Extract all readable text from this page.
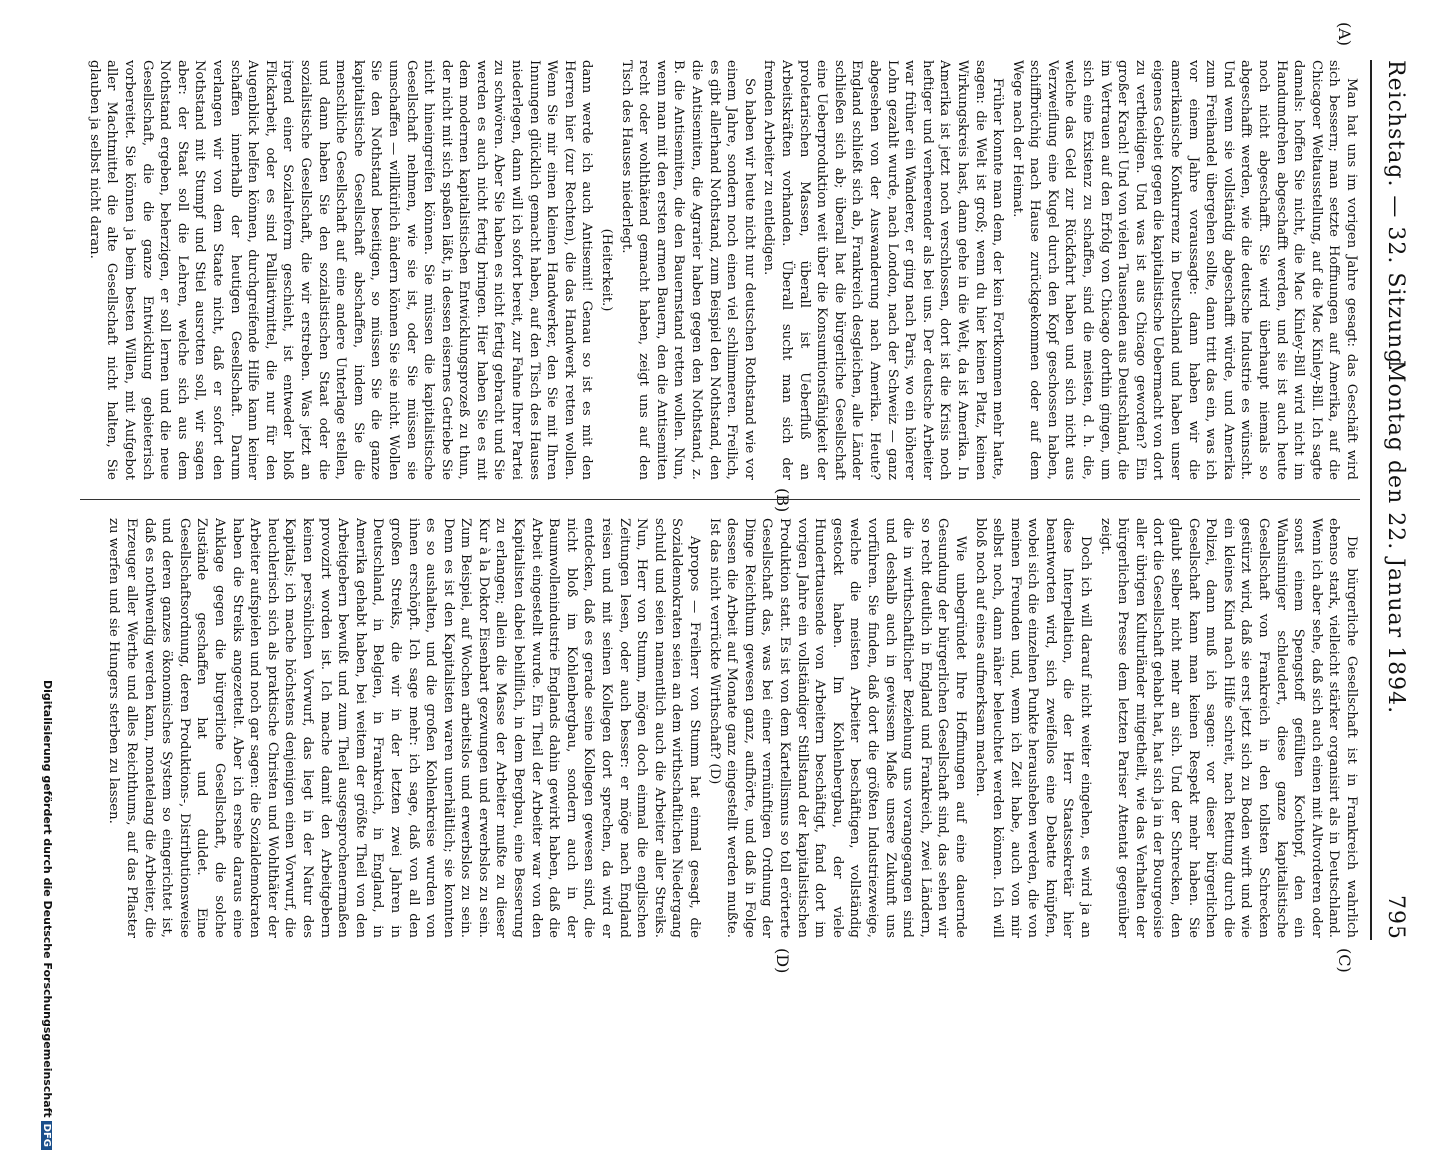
Reichstag. — 32. Sitzung.
Montag den 22. Januar 1894.
795
(A)
(B)
(C)
(D)

Man hat uns im vorigen Jahre gesagt: das Geschäft wird sich bessern; man setzte Hoffnungen auf Amerika, auf die Chicagoer Weltausstellung, auf die Mac Kinley-Bill. Ich sagte damals: hoffen Sie nicht, die Mac Kinley-Bill wird nicht im Handumdrehen abgeschafft werden, und sie ist auch heute noch nicht abgeschafft. Sie wird überhaupt niemals so abgeschafft werden, wie die deutsche Industrie es wünscht. Und wenn sie vollständig abgeschafft würde, und Amerika zum Freihandel übergehen sollte, dann tritt das ein, was ich vor einem Jahre voraussagte: dann haben wir die amerikanische Konkurrenz in Deutschland und haben unser eigenes Gebiet gegen die kapitalistische Uebermacht von dort zu vertheidigen. Und was ist aus Chicago geworden? Ein großer Krach! Und von vielen Tausenden aus Deutschland, die im Vertrauen auf den Erfolg von Chicago dorthin gingen, um sich eine Existenz zu schaffen, sind die meisten, d. h. die, welche das Geld zur Rückfahrt haben und sich nicht aus Verzweiflung eine Kugel durch den Kopf geschossen haben, schiffbrüchig nach Hause zurückgekommen oder auf dem Wege nach der Heimat.

Früher konnte man dem, der kein Fortkommen mehr hatte, sagen: die Welt ist groß; wenn du hier keinen Platz, keinen Wirkungskreis hast, dann gehe in die Welt, da ist Amerika. In Amerika ist jetzt noch verschlossen, dort ist die Krisis noch heftiger und verheerender als bei uns. Der deutsche Arbeiter war früher ein Wanderer, er ging nach Paris, wo ein höherer Lohn gezahlt wurde, nach London, nach der Schweiz — ganz abgesehen von der Auswanderung nach Amerika. Heute? England schließt sich ab, Frankreich desgleichen, alle Länder schließen sich ab; überall hat die bürgerliche Gesellschaft eine Ueberproduktion weit über die Konsumtionsfähigkeit der proletarischen Massen, überall ist Ueberfluß an Arbeitskräften vorhanden. Überall sucht man sich der fremden Arbeiter zu entledigen.

So haben wir heute nicht nur deutschen Rothstand wie vor einem Jahre, sondern noch einen viel schlimmeren. Freilich, es gibt allerhand Nothstand, zum Beispiel den Nothstand, den die Antisemiten, die Agrarier haben gegen den Nothstand, z. B. die Antisemiten, die den Bauernstand retten wollen. Nun, wenn man mit den ersten armen Bauern, den die Antisemiten recht oder wohlthätend gemacht haben, zeigt uns auf den Tisch des Hauses niederlegt.

(Heiterkeit.)

dann werde ich auch Antisemit! Genau so ist es mit den Herren hier (zur Rechten), die das Handwerk retten wollen. Wenn Sie mir einen kleinen Handwerker, den Sie mit Ihren Innungen glücklich gemacht haben, auf den Tisch des Hauses niederlegen, dann will ich sofort bereit, zur Fahne Ihrer Partei zu schwören. Aber Sie haben es nicht fertig gebracht und Sie werden es auch nicht fertig bringen. Hier haben Sie es mit dem modernen kapitalistischen Entwicklungsprozeß zu thun, der nicht mit sich spaßen läßt, in dessen eisernes Getriebe Sie nicht hineingreifen können. Sie müssen die kapitalistische Gesellschaft nehmen, wie sie ist, oder Sie müssen sie umschaffen — willkürlich ändern können Sie sie nicht. Wollen Sie den Nothstand beseitigen, so müssen Sie die ganze kapitalistische Gesellschaft abschaffen, indem Sie die menschliche Gesellschaft auf eine andere Unterlage stellen, und dann haben Sie den sozialistischen Staat oder die sozialistische Gesellschaft, die wir erstreben. Was jetzt an irgend einer Sozialreform geschieht, ist entweder bloß Flickarbeit, oder es sind Palliativmittel, die nur für den Augenblick helfen können, durchgreifende Hilfe kann keiner schaffen innerhalb der heutigen Gesellschaft. Darum verlangen wir von dem Staate nicht, daß er sofort den Nothstand mit Stumpf und Stiel ausrotten soll, wir sagen aber: der Staat soll die Lehren, welche sich aus dem Nothstand ergeben, beherzigen, er soll lernen und die neue Gesellschaft, die die ganze Entwicklung gebieterisch vorbereitet. Sie können ja beim besten Willen, mit Aufgebot aller Machtmittel die alte Gesellschaft nicht halten, Sie glauben ja selbst nicht daran.

Die bürgerliche Gesellschaft ist in Frankreich wahrlich ebenso stark, vielleicht stärker organisirt als in Deutschland. Wenn ich aber sehe, daß sich auch einen mit Altvorderen oder sonst einem Spengstoff gefüllten Kochtopf, den ein Wahnsinniger schleudert, diese ganze kapitalistische Gesellschaft von Frankreich in den tollsten Schrecken gestürzt wird, daß sie erst jetzt sich zu Boden wirft und wie ein kleines Kind nach Hilfe schreit, nach Rettung durch die Polizei, dann muß ich sagen: vor dieser bürgerlichen Gesellschaft kann man keinen Respekt mehr haben. Sie glaubt selber nicht mehr an sich. Und der Schrecken, den dort die Gesellschaft gehabt hat, hat sich ja in der Bourgeoisie aller übrigen Kulturländer mitgetheilt, wie das Verhalten der bürgerlichen Presse dem letzten Pariser Attentat gegenüber zeigt.

Doch ich will darauf nicht weiter eingehen, es wird ja an diese Interpellation, die der Herr Staatssekretär hier beantworten wird, sich zweifellos eine Debatte knüpfen, wobei sich die einzelnen Punkte herausheben werden, die von meinen Freunden und, wenn ich Zeit habe, auch von mir selbst noch, dann näher beleuchtet werden können. Ich will bloß noch auf eines aufmerksam machen.

Wie unbegründet Ihre Hoffnungen auf eine dauernde Gesundung der bürgerlichen Gesellschaft sind, das sehen wir so recht deutlich in England und Frankreich, zwei Ländern, die in wirthschaftlicher Beziehung uns vorangegangen sind und deshalb auch in gewissem Maße unsere Zukunft uns vorführen. Sie finden, daß dort die größten Industriezweige, welche die meisten Arbeiter beschäftigen, vollständig gestockt haben. Im Kohlenbergbau, der viele Hunderttausende von Arbeitern beschäftigt, fand dort im vorigen Jahre ein vollständiger Stillstand der kapitalistischen Produktion statt. Es ist von dem Kartellismus so toll erörterte Gesellschaft das, was bei einer vernünftigen Ordnung der Dinge Reichthum gewesen ganz, aufhörte, und daß in Folge dessen die Arbeit auf Monate ganz eingestellt werden mußte. Ist das nicht verrückte Wirthschaft? (D)

Apropos — Freiherr von Stumm hat einmal gesagt, die Sozialdemokraten seien an dem wirthschaftlichen Niedergang schuld und seien namentlich auch die Arbeiter aller Streiks. Nun, Herr von Stumm, mögen doch einmal die englischen Zeitungen lesen, oder auch besser: er möge nach England reisen und mit seinen Kollegen dort sprechen, da wird er entdecken, daß es gerade seine Kollegen gewesen sind, die nicht bloß im Kohlenbergbau, sondern auch in der Baumwollenindustrie Englands dahin gewirkt haben, daß die Arbeit eingestellt wurde. Ein Theil der Arbeiter war von den Kapitalisten dabei behilflich, in dem Bergbau, eine Besserung zu erlangen; allein die Masse der Arbeiter mußte zu dieser Kur à la Doktor Eisenbart gezwungen und erwerbslos zu sein. Zum Beispiel, auf Wochen arbeitslos und erwerbslos zu sein. Denn es ist den Kapitalisten waren unerhältlich; sie konnten es so aushalten, und die großen Kohlenkreise wurden von ihnen erschöpft. Ich sage mehr: ich sage, daß von all den großen Streiks, die wir in der letzten zwei Jahren in Deutschland, in Belgien, in Frankreich, in England, in Amerika gehabt haben, bei weitem der größte Theil von den Arbeitgebern bewußt und zum Theil ausgesprochenermaßen provozirt worden ist. Ich mache damit den Arbeitgebern keinen persönlichen Vorwurf, das liegt in der Natur des Kapitals; ich mache höchstens denjenigen einen Vorwurf, die heuchlerisch sich als praktische Christen und Wohlthäter der Arbeiter aufspielen und noch gar sagen: die Sozialdemokraten haben die Streiks angezettelt. Aber ich ersehe daraus eine Anklage gegen die bürgerliche Gesellschaft, die solche Zustände geschaffen hat und duldet. Eine Gesellschaftsordnung, deren Produktions-, Distributionsweise und deren ganzes ökonomisches System so eingerichtet ist, daß es nothwendig werden kann, monatelang die Arbeiter, die Erzeuger aller Werthe und alles Reichthums, auf das Pflaster zu werfen und sie Hungers sterben zu lassen.

Digitalisierung gefördert durch die Deutsche ForschungsgemeinschaftDFG
